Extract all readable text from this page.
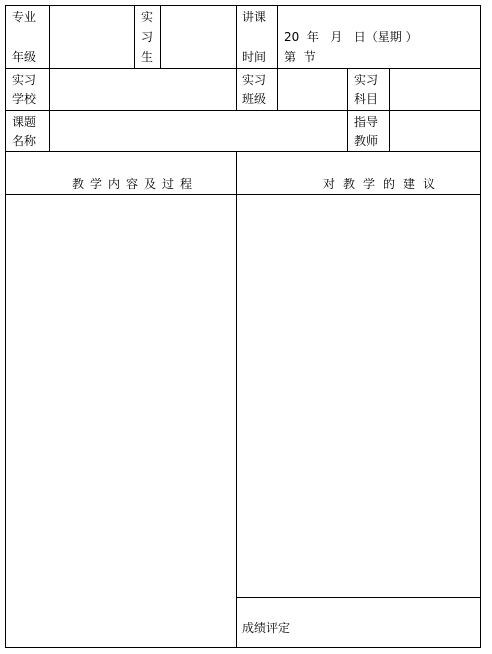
专业
年级
实
习
生
讲课
时间
20  年   月   日（星期 ）
第  节
实习
学校
实习
班级
实习
科目
课题
名称
指导
教师
教学内容及过程	对教学的建议
成绩评定
